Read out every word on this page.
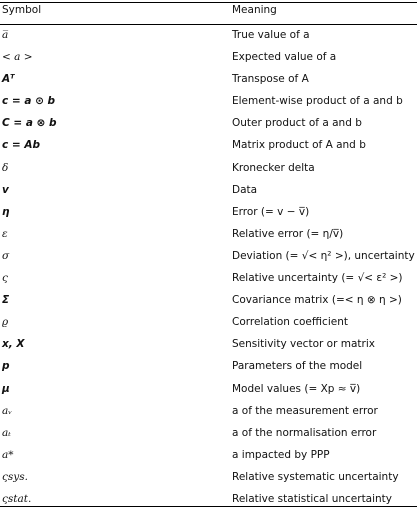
Symbol	Meaning
a̅	True value of a
< a >	Expected value of a
Aᵀ	Transpose of A
c = a ⊙ b	Element-wise product of a and b
C = a ⊗ b	Outer product of a and b
c = Ab	Matrix product of A and b
δ	Kronecker delta
v	Data
η	Error (= v − v̅)
ε	Relative error (= η/v̅)
σ	Deviation (= √< η² >), uncertainty
ς	Relative uncertainty (= √< ε² >)
Σ	Covariance matrix (=< η ⊗ η >)
ϱ	Correlation coefficient
x, X	Sensitivity vector or matrix
p	Parameters of the model
μ	Model values (= Xp ≈ v̅)
aᵥ	a of the measurement error
aₜ	a of the normalisation error
a*	a impacted by PPP
ςsys.	Relative systematic uncertainty
ςstat.	Relative statistical uncertainty
